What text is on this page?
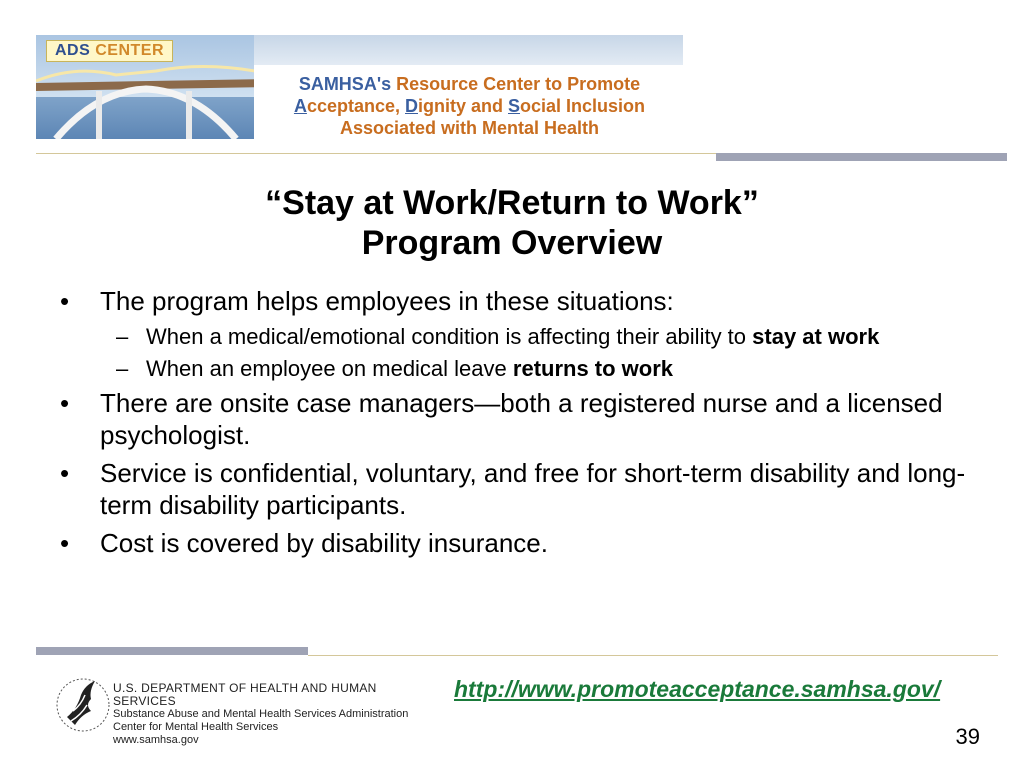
ADS CENTER
SAMHSA's Resource Center to Promote
Acceptance, Dignity and Social Inclusion
Associated with Mental Health
“Stay at Work/Return to Work”
Program Overview
• The program helps employees in these situations:
– When a medical/emotional condition is affecting their ability to stay at work
– When an employee on medical leave returns to work
• There are onsite case managers—both a registered nurse and a licensed psychologist.
• Service is confidential, voluntary, and free for short-term disability and long-term disability participants.
• Cost is covered by disability insurance.
U.S. DEPARTMENT OF HEALTH AND HUMAN SERVICES
Substance Abuse and Mental Health Services Administration
Center for Mental Health Services
www.samhsa.gov
http://www.promoteacceptance.samhsa.gov/
39
